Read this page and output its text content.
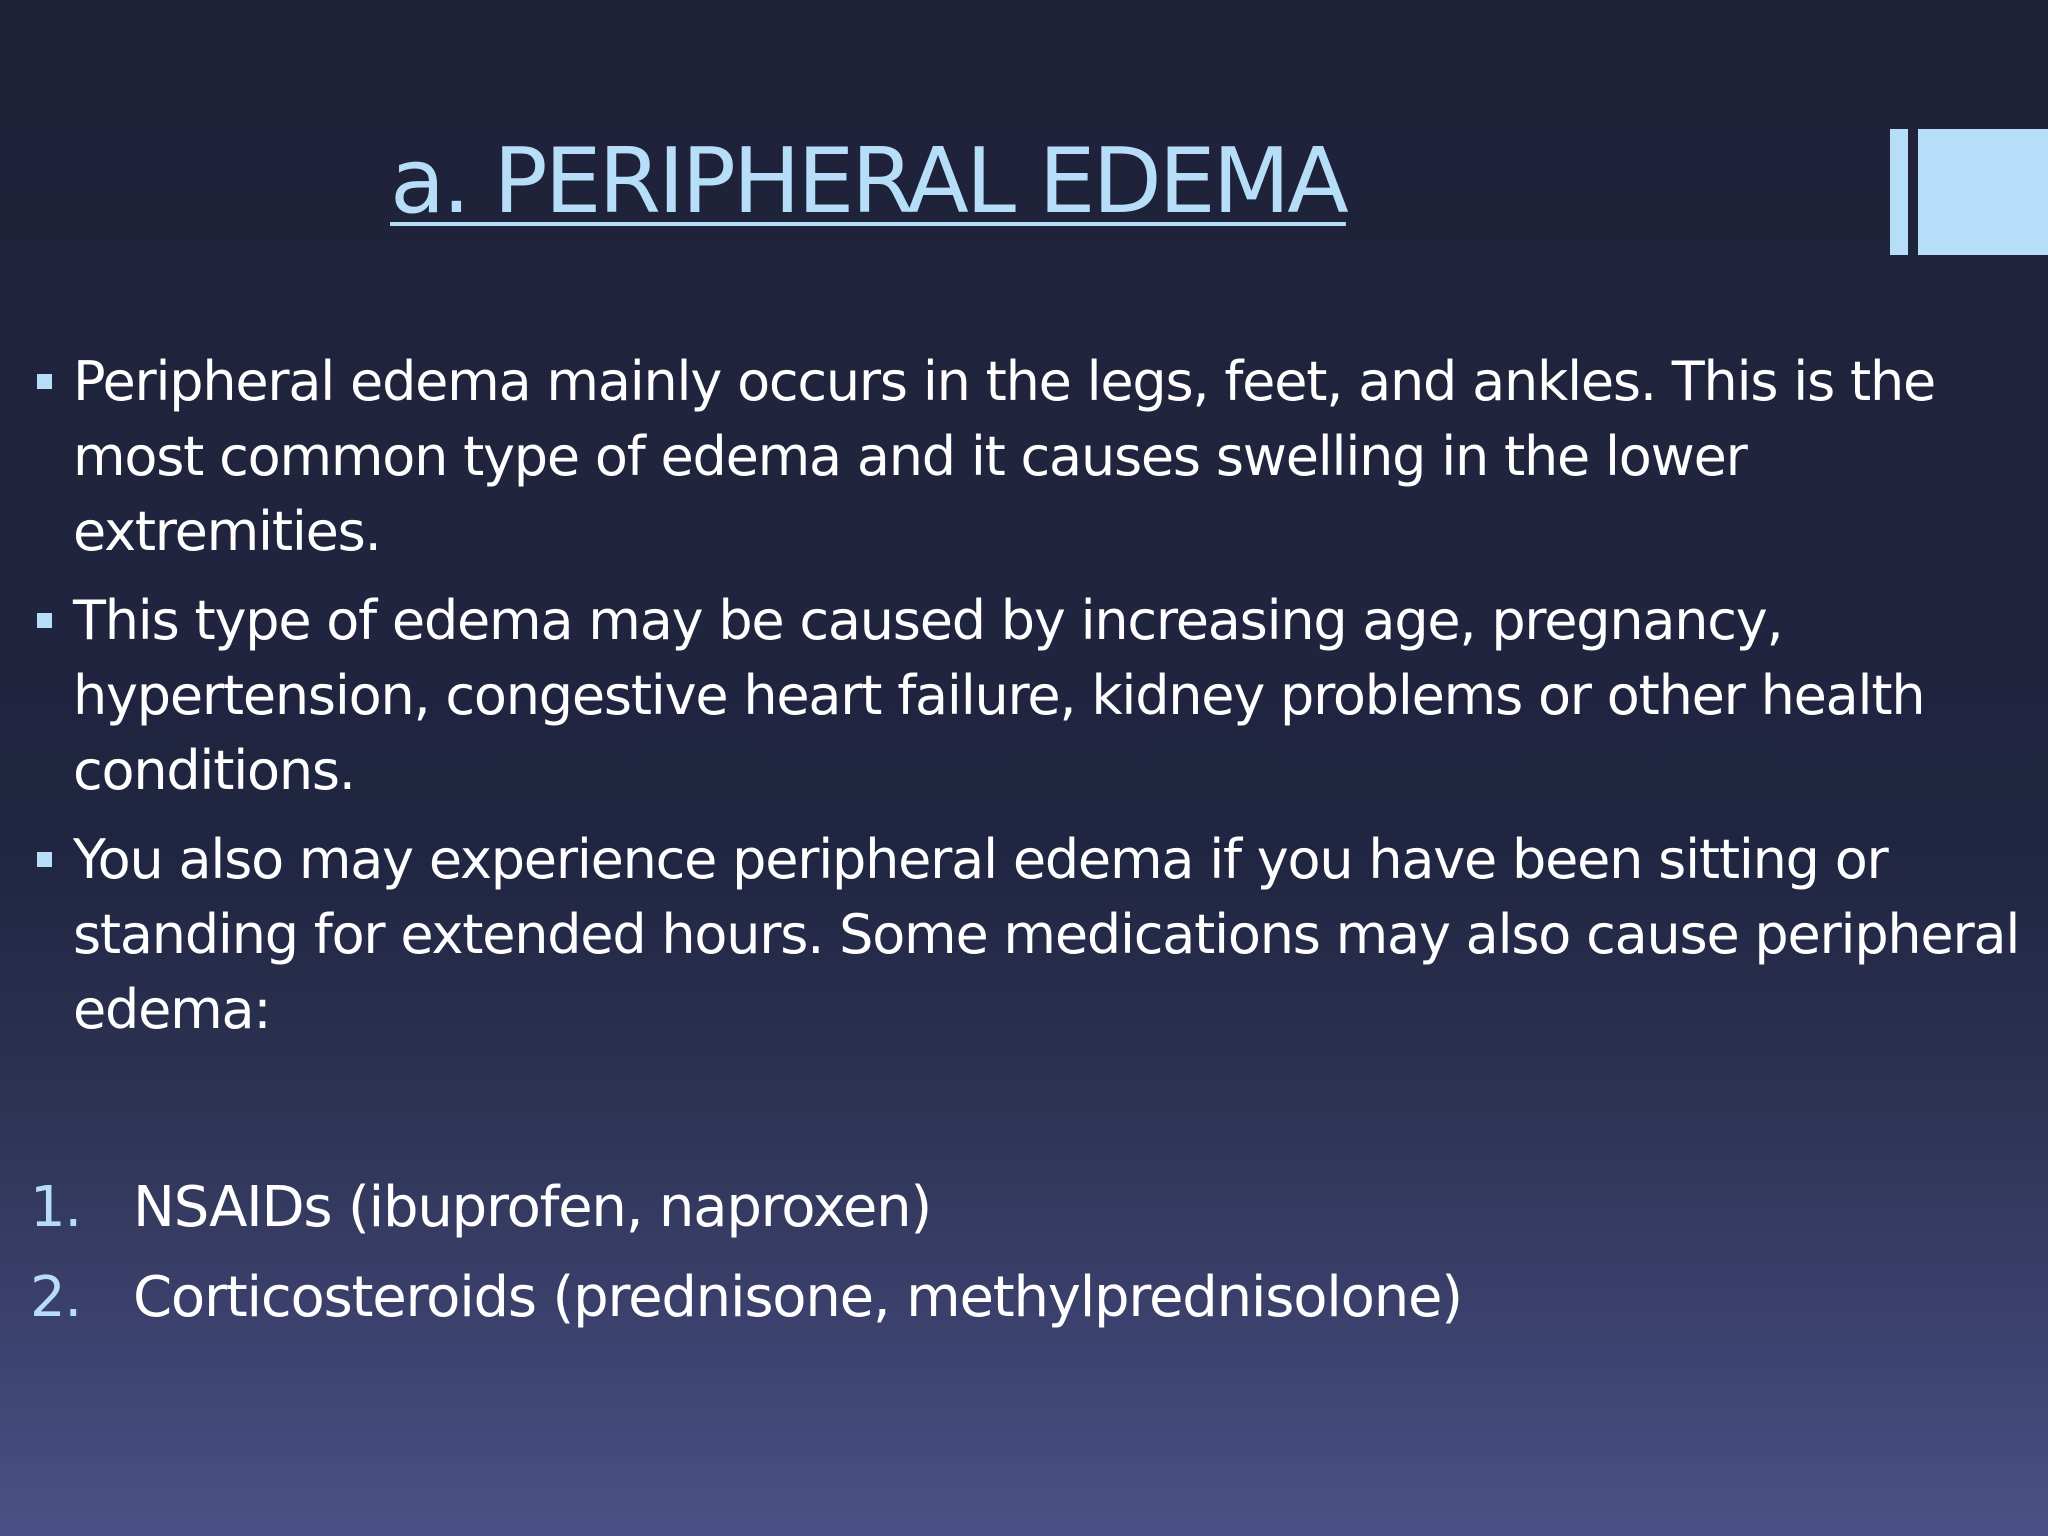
a. PERIPHERAL EDEMA
Peripheral edema mainly occurs in the legs, feet, and ankles. This is the most common type of edema and it causes swelling in the lower extremities.
This type of edema may be caused by increasing age, pregnancy, hypertension, congestive heart failure, kidney problems or other health conditions.
You also may experience peripheral edema if you have been sitting or standing for extended hours. Some medications may also cause peripheral edema:
1. NSAIDs (ibuprofen, naproxen)
2. Corticosteroids (prednisone, methylprednisolone)
